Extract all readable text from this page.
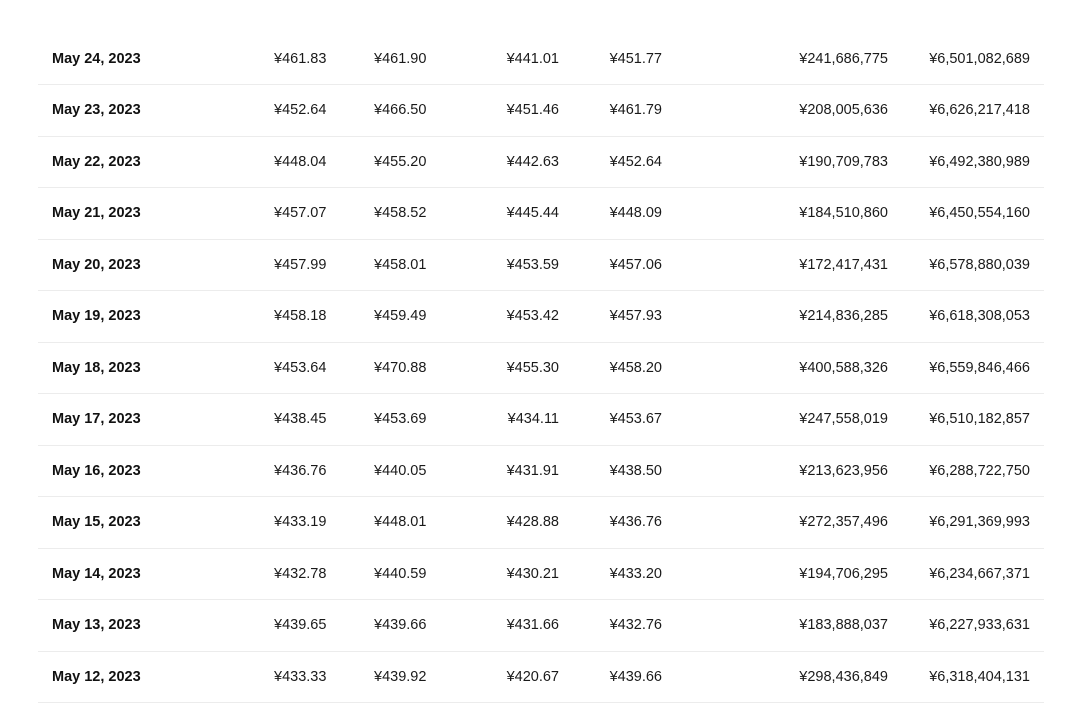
May 24, 2023	¥461.83	¥461.90	¥441.01	¥451.77	¥241,686,775	¥6,501,082,689
May 23, 2023	¥452.64	¥466.50	¥451.46	¥461.79	¥208,005,636	¥6,626,217,418
May 22, 2023	¥448.04	¥455.20	¥442.63	¥452.64	¥190,709,783	¥6,492,380,989
May 21, 2023	¥457.07	¥458.52	¥445.44	¥448.09	¥184,510,860	¥6,450,554,160
May 20, 2023	¥457.99	¥458.01	¥453.59	¥457.06	¥172,417,431	¥6,578,880,039
May 19, 2023	¥458.18	¥459.49	¥453.42	¥457.93	¥214,836,285	¥6,618,308,053
May 18, 2023	¥453.64	¥470.88	¥455.30	¥458.20	¥400,588,326	¥6,559,846,466
May 17, 2023	¥438.45	¥453.69	¥434.11	¥453.67	¥247,558,019	¥6,510,182,857
May 16, 2023	¥436.76	¥440.05	¥431.91	¥438.50	¥213,623,956	¥6,288,722,750
May 15, 2023	¥433.19	¥448.01	¥428.88	¥436.76	¥272,357,496	¥6,291,369,993
May 14, 2023	¥432.78	¥440.59	¥430.21	¥433.20	¥194,706,295	¥6,234,667,371
May 13, 2023	¥439.65	¥439.66	¥431.66	¥432.76	¥183,888,037	¥6,227,933,631
May 12, 2023	¥433.33	¥439.92	¥420.67	¥439.66	¥298,436,849	¥6,318,404,131
